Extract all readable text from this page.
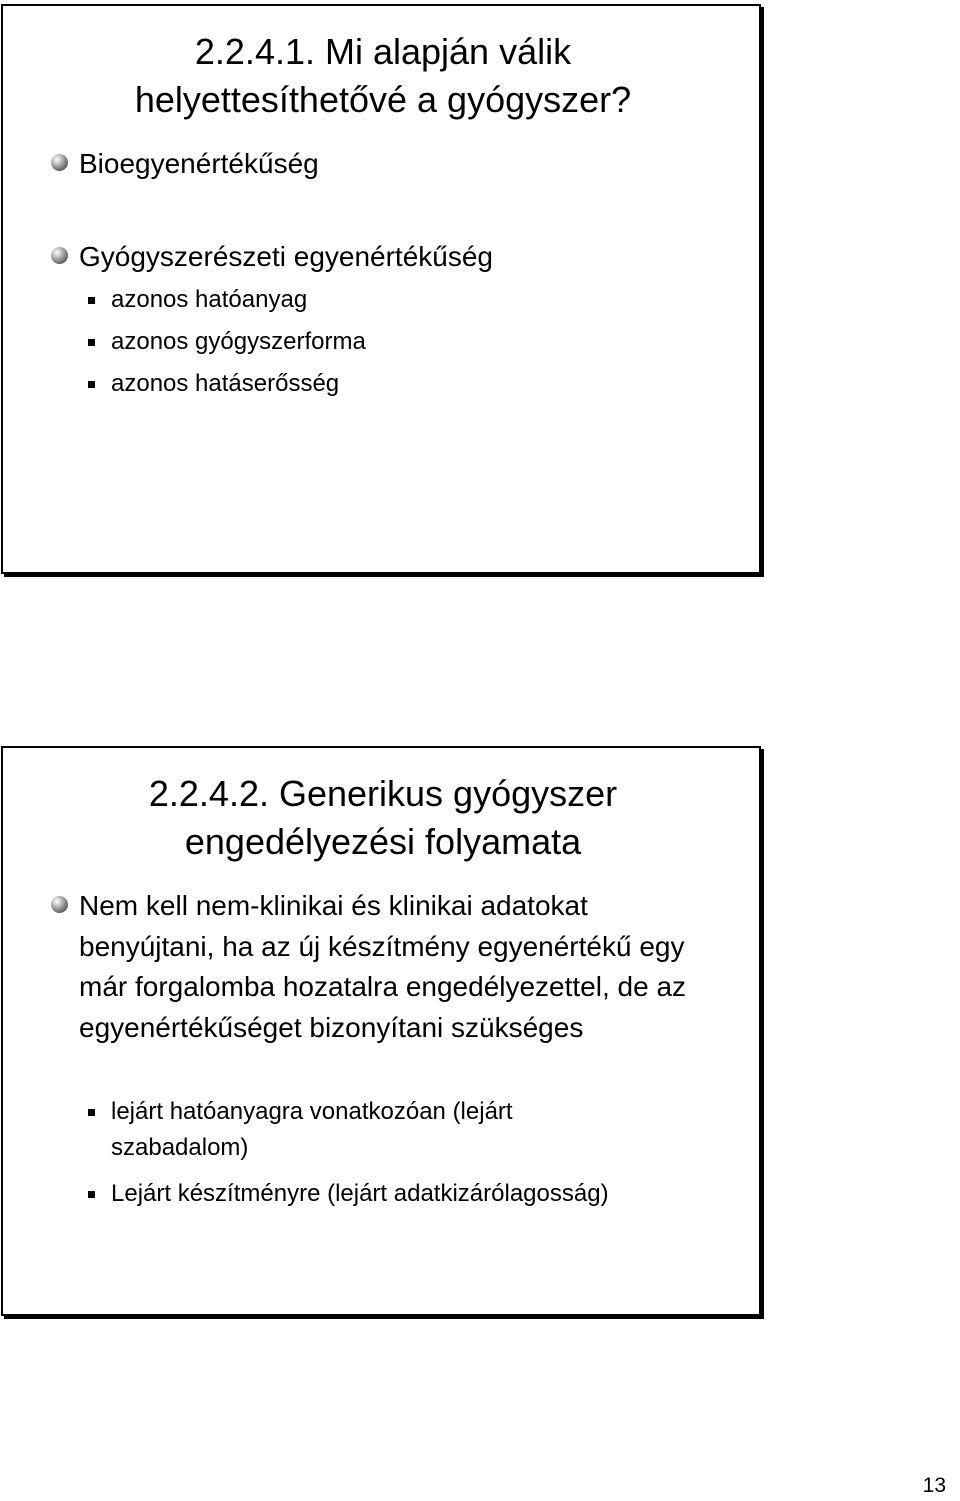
2.2.4.1. Mi alapján válik helyettesíthetővé a gyógyszer?
Bioegyenértékűség
Gyógyszerészeti egyenértékűség
azonos hatóanyag
azonos gyógyszerforma
azonos hatáserősség
2.2.4.2. Generikus gyógyszer engedélyezési folyamata
Nem kell nem-klinikai és klinikai adatokat benyújtani, ha az új készítmény egyenértékű egy már forgalomba hozatalra engedélyezettel, de az egyenértékűséget bizonyítani szükséges
lejárt hatóanyagra vonatkozóan (lejárt szabadalom)
Lejárt készítményre (lejárt adatkizárólagosság)
13
